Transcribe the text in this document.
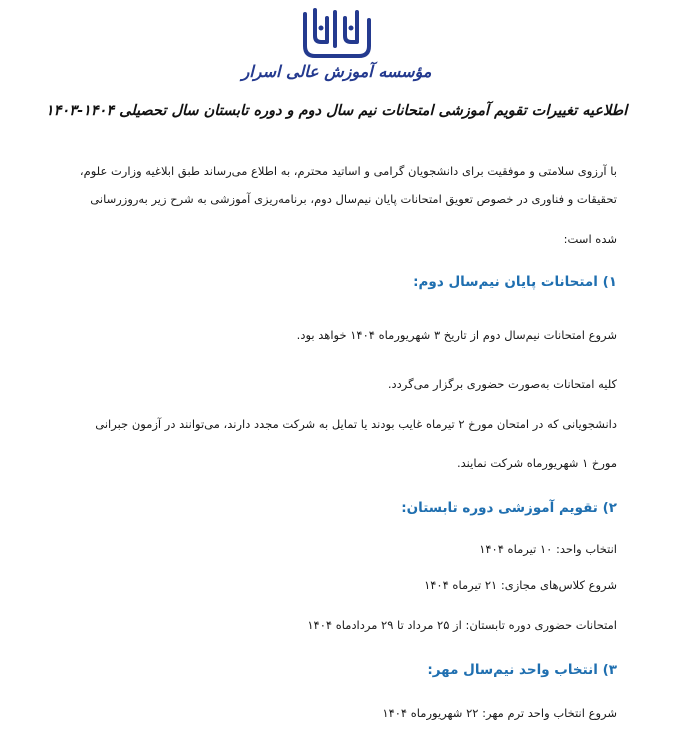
مؤسسه آموزش عالی اسرار
اطلاعیه تغییرات تقویم آموزشی امتحانات نیم سال دوم و دوره تابستان سال تحصیلی ۱۴۰۴-۱۴۰۳
با آرزوی سلامتی و موفقیت برای دانشجویان گرامی و اساتید محترم، به اطلاع می‌رساند طبق ابلاغیه وزارت علوم،
تحقیقات و فناوری در خصوص تعویق امتحانات پایان نیم‌سال دوم، برنامه‌ریزی آموزشی به شرح زیر به‌روزرسانی
شده است:
۱) امتحانات پایان نیم‌سال دوم:
شروع امتحانات نیم‌سال دوم از تاریخ ۳ شهریورماه ۱۴۰۴ خواهد بود.
کلیه امتحانات به‌صورت حضوری برگزار می‌گردد.
دانشجویانی که در امتحان مورخ ۲ تیرماه غایب بودند یا تمایل به شرکت مجدد دارند، می‌توانند در آزمون جبرانی
مورخ ۱ شهریورماه شرکت نمایند.
۲) تقویم آموزشی دوره تابستان:
انتخاب واحد: ۱۰ تیرماه ۱۴۰۴
شروع کلاس‌های مجازی: ۲۱ تیرماه ۱۴۰۴
امتحانات حضوری دوره تابستان: از ۲۵ مرداد تا ۲۹ مردادماه ۱۴۰۴
۳) انتخاب واحد نیم‌سال مهر:
شروع انتخاب واحد ترم مهر: ۲۲ شهریورماه ۱۴۰۴
